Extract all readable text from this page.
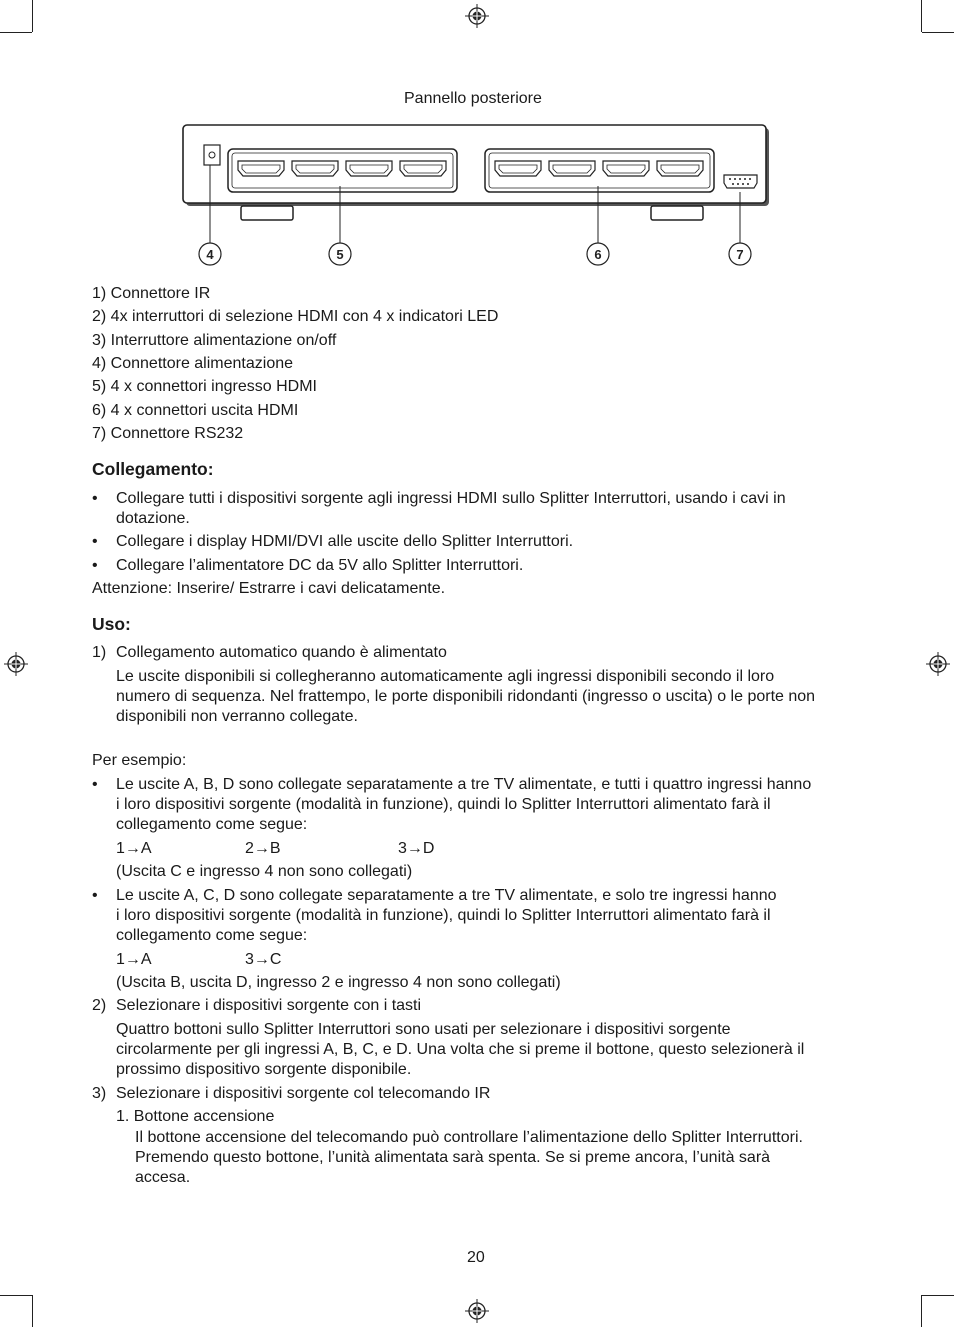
Pannello posteriore
4	5	6	7
1) Connettore IR
2) 4x interruttori di selezione HDMI con 4 x indicatori LED
3) Interruttore alimentazione on/off
4) Connettore alimentazione
5) 4 x connettori ingresso HDMI
6) 4 x connettori uscita HDMI
7) Connettore RS232
Collegamento:
• Collegare tutti i dispositivi sorgente agli ingressi HDMI sullo Splitter Interruttori, usando i cavi in
dotazione.
• Collegare i display HDMI/DVI alle uscite dello Splitter Interruttori.
• Collegare l’alimentatore DC da 5V allo Splitter Interruttori.
Attenzione: Inserire/ Estrarre i cavi delicatamente.
Uso:
1) Collegamento automatico quando è alimentato
Le uscite disponibili si collegheranno automaticamente agli ingressi disponibili secondo il loro
numero di sequenza. Nel frattempo, le porte disponibili ridondanti (ingresso o uscita) o le porte non
disponibili non verranno collegate.
Per esempio:
• Le uscite A, B, D sono collegate separatamente a tre TV alimentate, e tutti i quattro ingressi hanno
i loro dispositivi sorgente (modalità in funzione), quindi lo Splitter Interruttori alimentato farà il
collegamento come segue:
1→A	2→B	3→D
(Uscita C e ingresso 4 non sono collegati)
• Le uscite A, C, D sono collegate separatamente a tre TV alimentate, e solo tre ingressi hanno
i loro dispositivi sorgente (modalità in funzione), quindi lo Splitter Interruttori alimentato farà il
collegamento come segue:
1→A	3→C
(Uscita B, uscita D, ingresso 2 e ingresso 4 non sono collegati)
2) Selezionare i dispositivi sorgente con i tasti
Quattro bottoni sullo Splitter Interruttori sono usati per selezionare i dispositivi sorgente
circolarmente per gli ingressi A, B, C, e D. Una volta che si preme il bottone, questo selezionerà il
prossimo dispositivo sorgente disponibile.
3) Selezionare i dispositivi sorgente col telecomando IR
1. Bottone accensione
Il bottone accensione del telecomando può controllare l’alimentazione dello Splitter Interruttori.
Premendo questo bottone, l’unità alimentata sarà spenta. Se si preme ancora, l’unità sarà
accesa.
20
